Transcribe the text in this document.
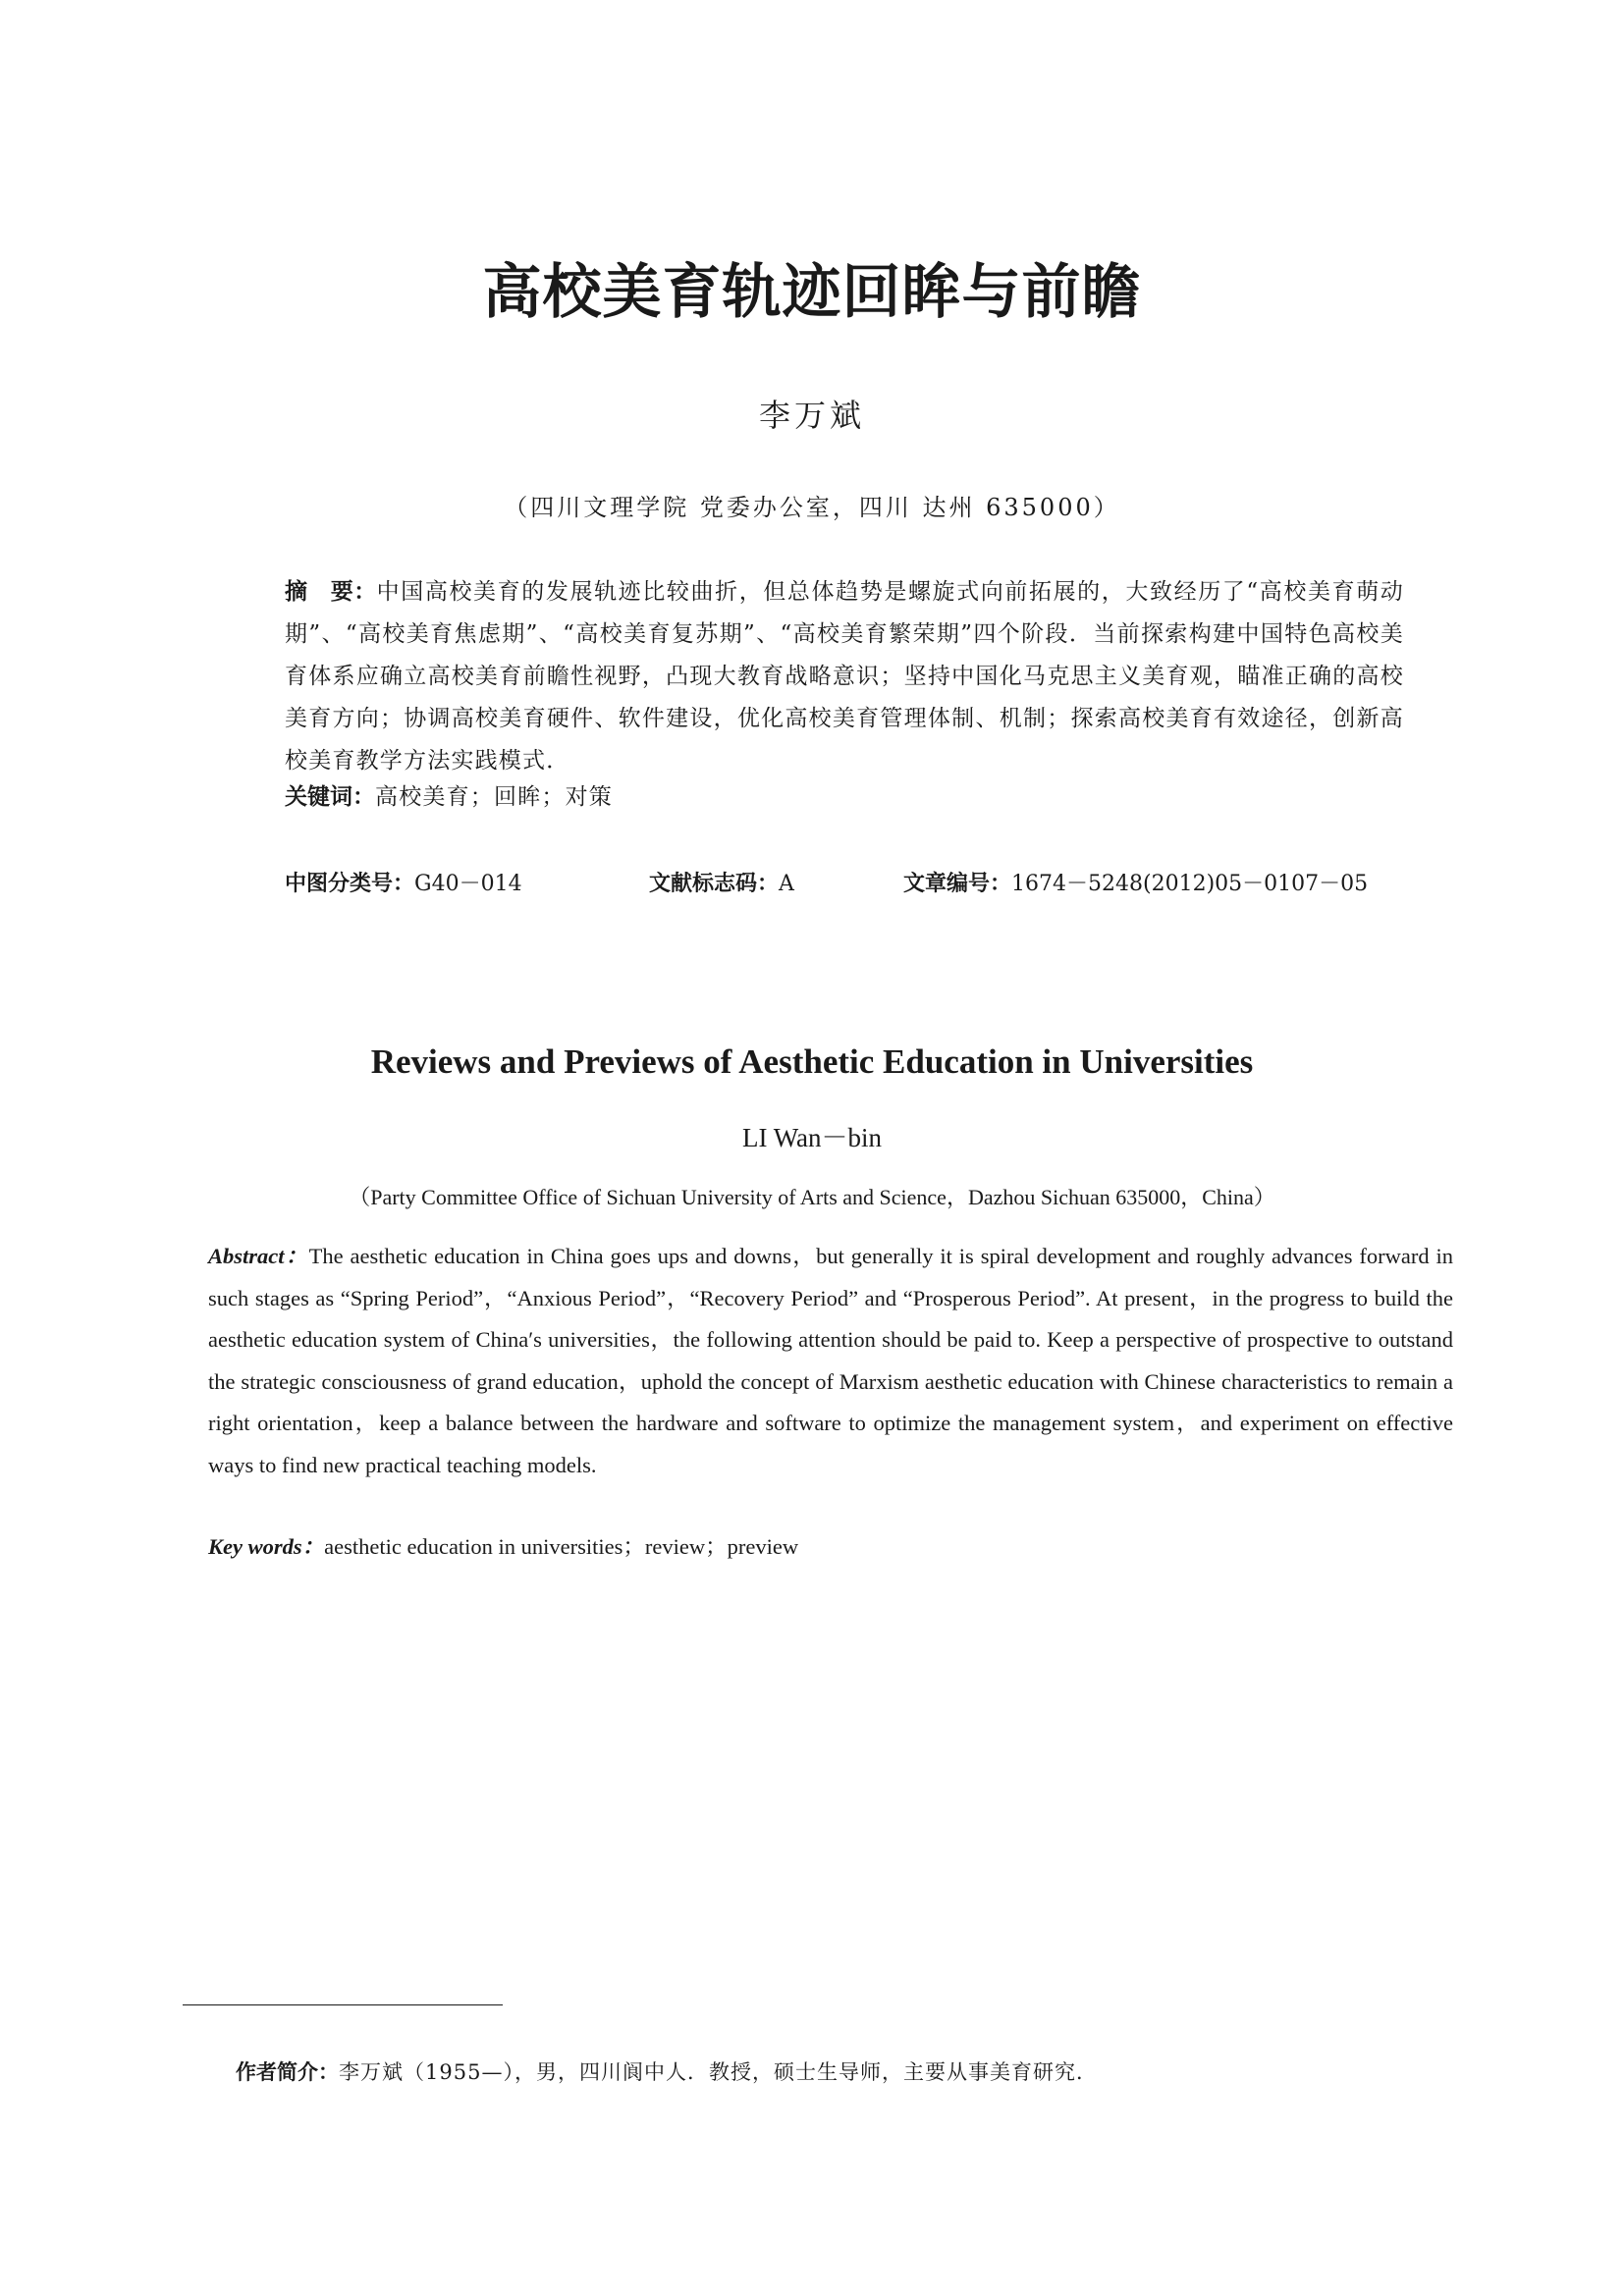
高校美育轨迹回眸与前瞻
李万斌
（四川文理学院 党委办公室，四川 达州 635000）
摘　要：中国高校美育的发展轨迹比较曲折，但总体趋势是螺旋式向前拓展的，大致经历了“高校美育萌动期”、“高校美育焦虑期”、“高校美育复苏期”、“高校美育繁荣期”四个阶段．当前探索构建中国特色高校美育体系应确立高校美育前瞻性视野，凸现大教育战略意识；坚持中国化马克思主义美育观，瞄准正确的高校美育方向；协调高校美育硬件、软件建设，优化高校美育管理体制、机制；探索高校美育有效途径，创新高校美育教学方法实践模式．
关键词：高校美育；回眸；对策
中图分类号：G40－014	文献标志码：A	文章编号：1674－5248(2012)05－0107－05
Reviews and Previews of Aesthetic Education in Universities
LI Wan－bin
（Party Committee Office of Sichuan University of Arts and Science，Dazhou Sichuan 635000，China）
Abstract：The aesthetic education in China goes ups and downs，but generally it is spiral development and roughly advances forward in such stages as “Spring Period”，“Anxious Period”，“Recovery Period” and “Prosperous Period”. At present，in the progress to build the aesthetic education system of China′s universities，the following attention should be paid to. Keep a perspective of prospective to outstand the strategic consciousness of grand education，uphold the concept of Marxism aesthetic education with Chinese characteristics to remain a right orientation，keep a balance between the hardware and software to optimize the management system，and experiment on effective ways to find new practical teaching models.
Key words：aesthetic education in universities；review；preview
作者简介：李万斌（1955—），男，四川阆中人．教授，硕士生导师，主要从事美育研究．
